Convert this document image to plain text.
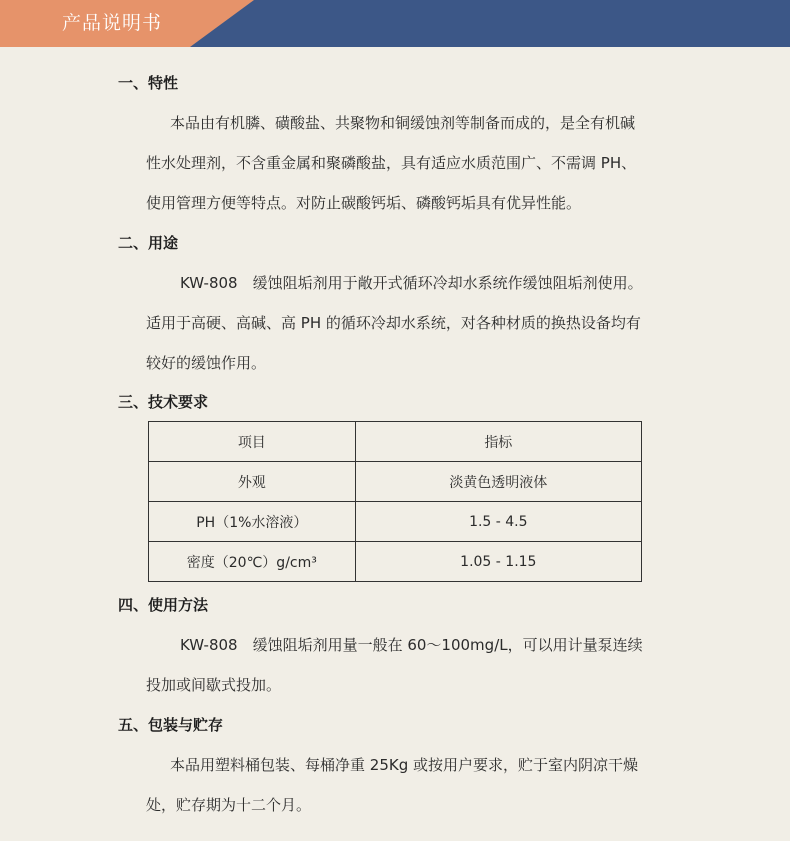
产品说明书
一、特性
本品由有机膦、磺酸盐、共聚物和铜缓蚀剂等制备而成的，是全有机碱
性水处理剂，不含重金属和聚磷酸盐，具有适应水质范围广、不需调 PH、
使用管理方便等特点。对防止碳酸钙垢、磷酸钙垢具有优异性能。
二、用途
KW-808　缓蚀阻垢剂用于敞开式循环冷却水系统作缓蚀阻垢剂使用。
适用于高硬、高碱、高 PH 的循环冷却水系统，对各种材质的换热设备均有
较好的缓蚀作用。
三、技术要求
项目	指标
外观	淡黄色透明液体
PH（1%水溶液）	1.5 - 4.5
密度（20℃）g/cm³	1.05 - 1.15
四、使用方法
KW-808　缓蚀阻垢剂用量一般在 60～100mg/L，可以用计量泵连续
投加或间歇式投加。
五、包装与贮存
本品用塑料桶包装、每桶净重 25Kg 或按用户要求，贮于室内阴凉干燥
处，贮存期为十二个月。
